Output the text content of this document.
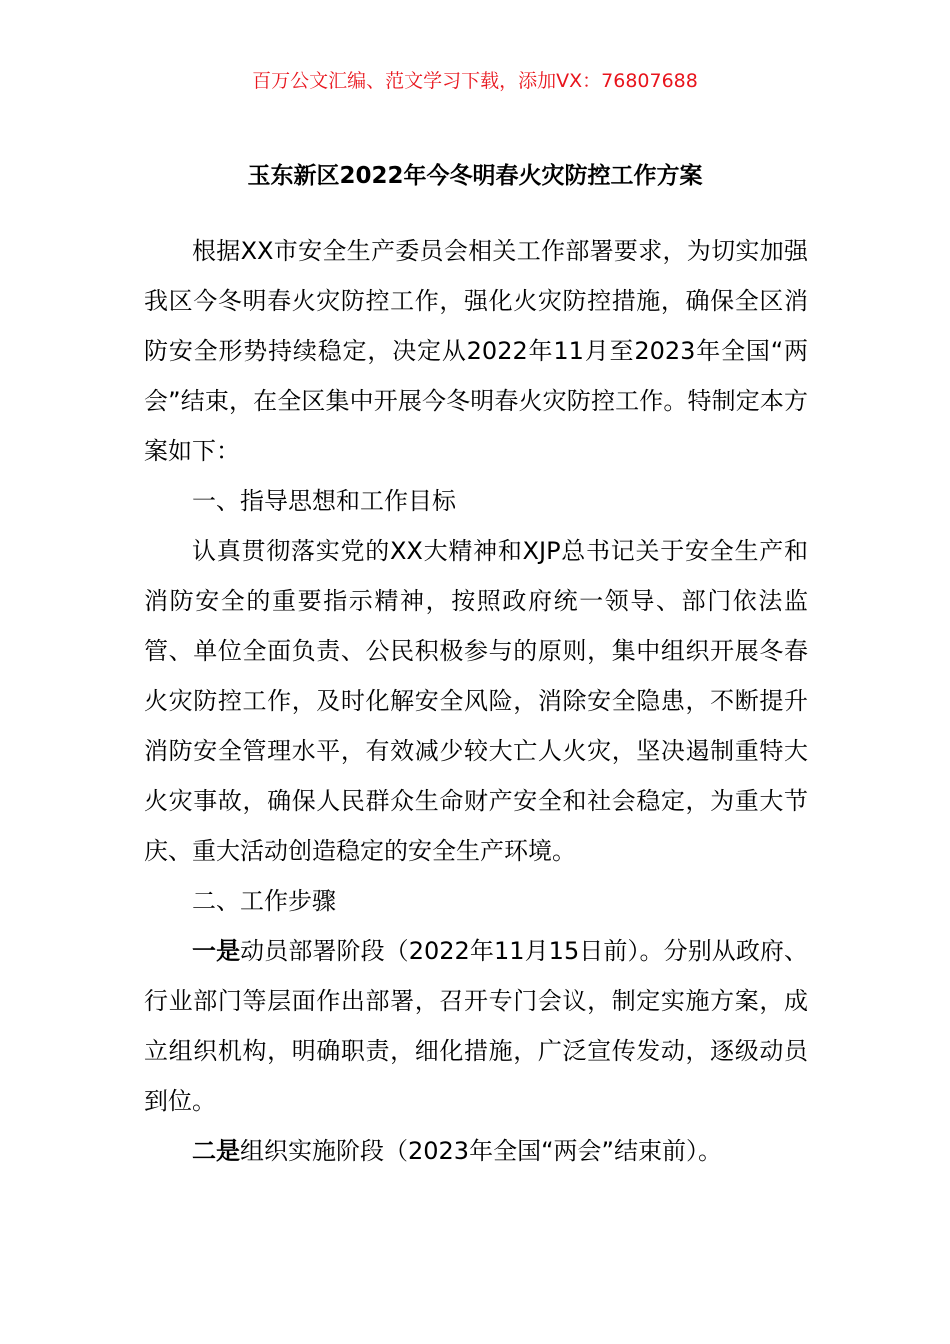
百万公文汇编、范文学习下载，添加VX：76807688
玉东新区2022年今冬明春火灾防控工作方案

根据XX市安全生产委员会相关工作部署要求，为切实加强我区今冬明春火灾防控工作，强化火灾防控措施，确保全区消防安全形势持续稳定，决定从2022年11月至2023年全国“两会”结束，在全区集中开展今冬明春火灾防控工作。特制定本方案如下：

一、指导思想和工作目标

认真贯彻落实党的XX大精神和XJP总书记关于安全生产和消防安全的重要指示精神，按照政府统一领导、部门依法监管、单位全面负责、公民积极参与的原则，集中组织开展冬春火灾防控工作，及时化解安全风险，消除安全隐患，不断提升消防安全管理水平，有效减少较大亡人火灾，坚决遏制重特大火灾事故，确保人民群众生命财产安全和社会稳定，为重大节庆、重大活动创造稳定的安全生产环境。

二、工作步骤

一是动员部署阶段（2022年11月15日前）。分别从政府、行业部门等层面作出部署，召开专门会议，制定实施方案，成立组织机构，明确职责，细化措施，广泛宣传发动，逐级动员到位。

二是组织实施阶段（2023年全国“两会”结束前）。
